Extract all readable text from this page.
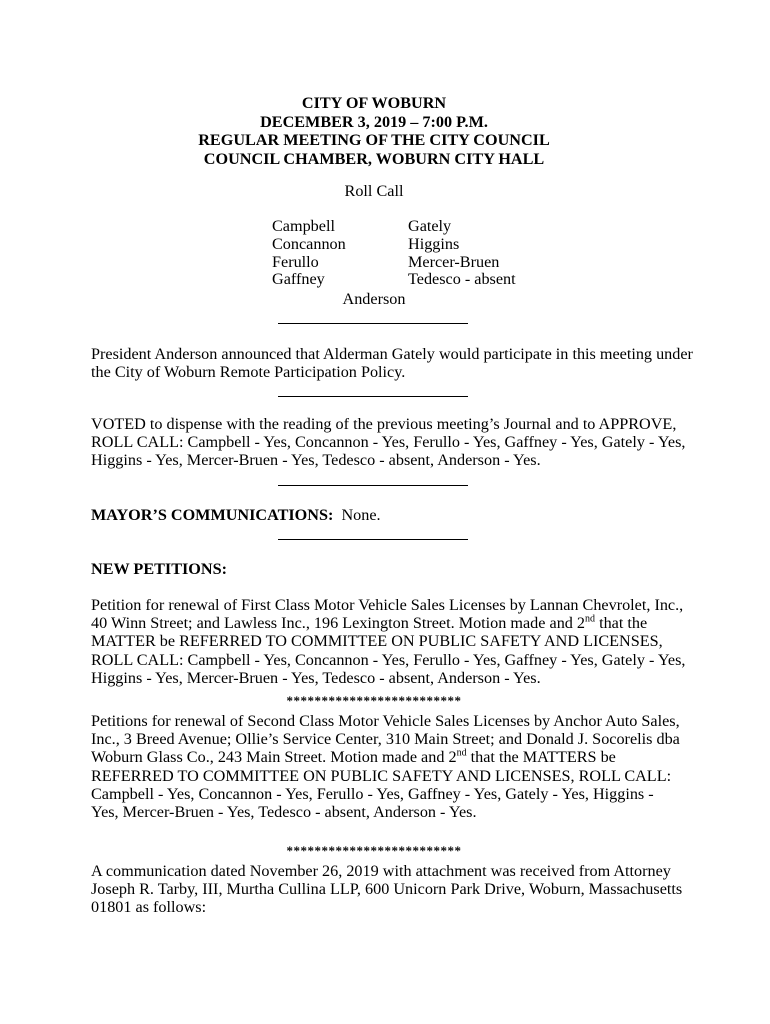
CITY OF WOBURN
DECEMBER 3, 2019 – 7:00 P.M.
REGULAR MEETING OF THE CITY COUNCIL
COUNCIL CHAMBER, WOBURN CITY HALL
Roll Call
Campbell
Concannon
Ferullo
Gaffney
Gately
Higgins
Mercer-Bruen
Tedesco - absent
Anderson
President Anderson announced that Alderman Gately would participate in this meeting under
the City of Woburn Remote Participation Policy.
VOTED to dispense with the reading of the previous meeting’s Journal and to APPROVE,
ROLL CALL: Campbell - Yes, Concannon - Yes, Ferullo - Yes, Gaffney - Yes, Gately - Yes,
Higgins - Yes, Mercer-Bruen - Yes, Tedesco - absent, Anderson - Yes.
MAYOR’S COMMUNICATIONS: None.
NEW PETITIONS:
Petition for renewal of First Class Motor Vehicle Sales Licenses by Lannan Chevrolet, Inc.,
40 Winn Street; and Lawless Inc., 196 Lexington Street. Motion made and 2nd that the
MATTER be REFERRED TO COMMITTEE ON PUBLIC SAFETY AND LICENSES,
ROLL CALL: Campbell - Yes, Concannon - Yes, Ferullo - Yes, Gaffney - Yes, Gately - Yes,
Higgins - Yes, Mercer-Bruen - Yes, Tedesco - absent, Anderson - Yes.
*************************
Petitions for renewal of Second Class Motor Vehicle Sales Licenses by Anchor Auto Sales,
Inc., 3 Breed Avenue; Ollie’s Service Center, 310 Main Street; and Donald J. Socorelis dba
Woburn Glass Co., 243 Main Street. Motion made and 2nd that the MATTERS be
REFERRED TO COMMITTEE ON PUBLIC SAFETY AND LICENSES, ROLL CALL:
Campbell - Yes, Concannon - Yes, Ferullo - Yes, Gaffney - Yes, Gately - Yes, Higgins -
Yes, Mercer-Bruen - Yes, Tedesco - absent, Anderson - Yes.
*************************
A communication dated November 26, 2019 with attachment was received from Attorney
Joseph R. Tarby, III, Murtha Cullina LLP, 600 Unicorn Park Drive, Woburn, Massachusetts
01801 as follows:
